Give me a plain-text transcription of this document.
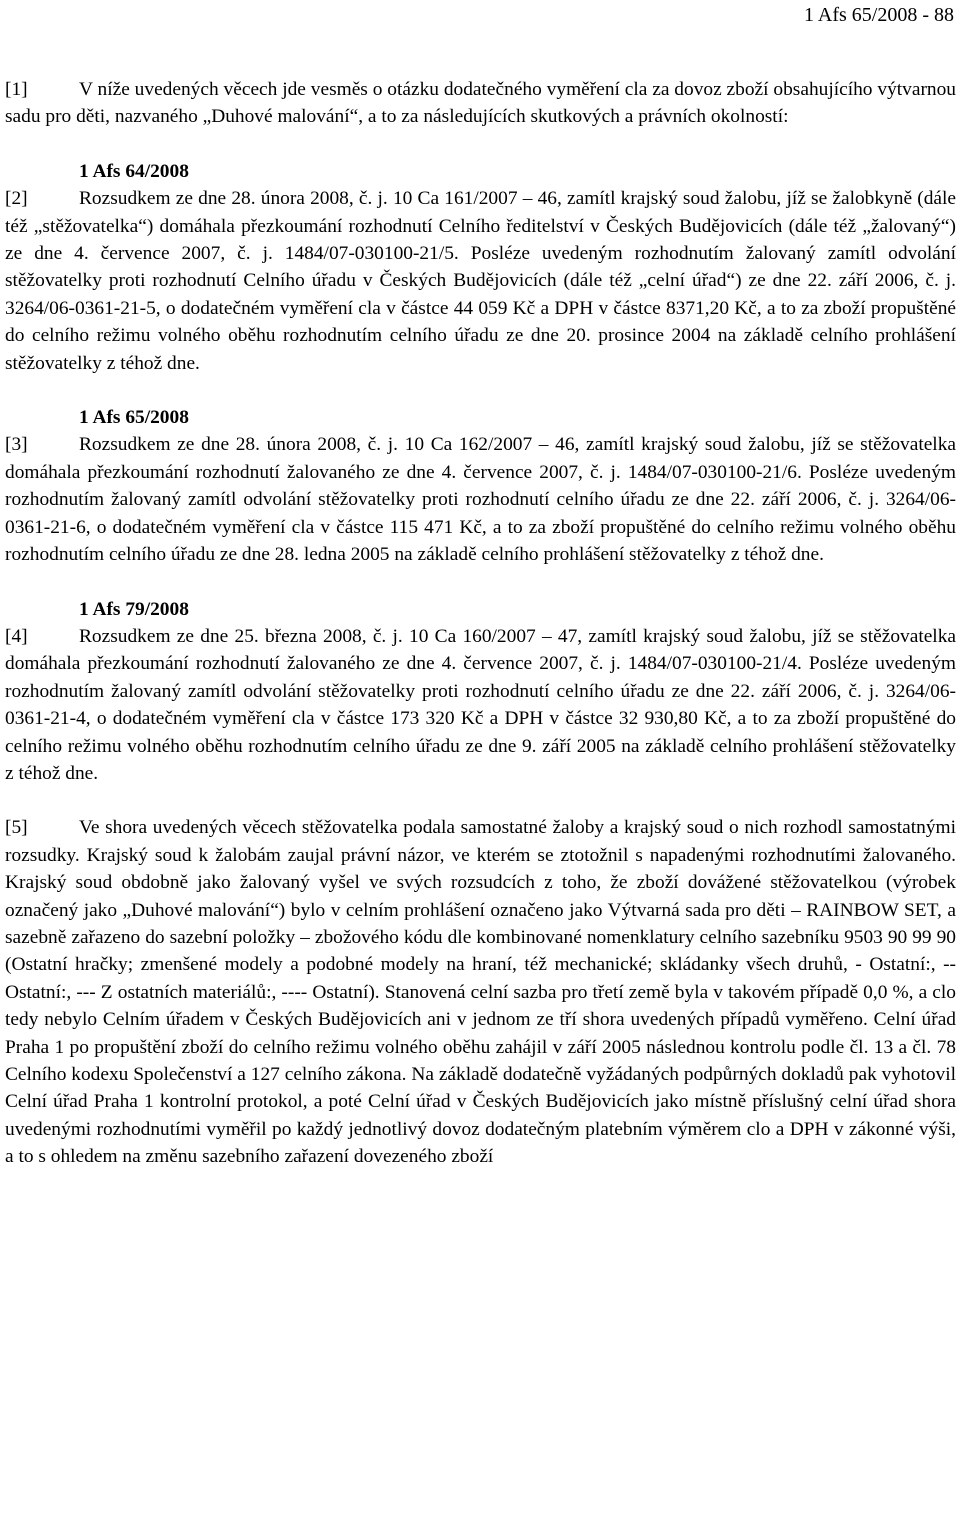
1 Afs 65/2008 - 88

[1]	V níže uvedených věcech jde vesměs o otázku dodatečného vyměření cla za dovoz zboží obsahujícího výtvarnou sadu pro děti, nazvaného „Duhové malování“, a to za následujících skutkových a právních okolností:

1 Afs 64/2008

[2]	Rozsudkem ze dne 28. února 2008, č. j. 10 Ca 161/2007 – 46, zamítl krajský soud žalobu, jíž se žalobkyně (dále též „stěžovatelka“) domáhala přezkoumání rozhodnutí Celního ředitelství v Českých Budějovicích (dále též „žalovaný“) ze dne 4. července 2007, č. j. 1484/07-030100-21/5. Posléze uvedeným rozhodnutím žalovaný zamítl odvolání stěžovatelky proti rozhodnutí Celního úřadu v Českých Budějovicích (dále též „celní úřad“) ze dne 22. září 2006, č. j. 3264/06-0361-21-5, o dodatečném vyměření cla v částce 44 059 Kč a DPH v částce 8371,20 Kč, a to za zboží propuštěné do celního režimu volného oběhu rozhodnutím celního úřadu ze dne 20. prosince 2004 na základě celního prohlášení stěžovatelky z téhož dne.

1 Afs 65/2008

[3]	Rozsudkem ze dne 28. února 2008, č. j. 10 Ca 162/2007 – 46, zamítl krajský soud žalobu, jíž se stěžovatelka domáhala přezkoumání rozhodnutí žalovaného ze dne 4. července 2007, č. j. 1484/07-030100-21/6. Posléze uvedeným rozhodnutím žalovaný zamítl odvolání stěžovatelky proti rozhodnutí celního úřadu ze dne 22. září 2006, č. j. 3264/06-0361-21-6, o dodatečném vyměření cla v částce 115 471 Kč, a to za zboží propuštěné do celního režimu volného oběhu rozhodnutím celního úřadu ze dne 28. ledna 2005 na základě celního prohlášení stěžovatelky z téhož dne.

1 Afs 79/2008

[4]	Rozsudkem ze dne 25. března 2008, č. j. 10 Ca 160/2007 – 47, zamítl krajský soud žalobu, jíž se stěžovatelka domáhala přezkoumání rozhodnutí žalovaného ze dne 4. července 2007, č. j. 1484/07-030100-21/4. Posléze uvedeným rozhodnutím žalovaný zamítl odvolání stěžovatelky proti rozhodnutí celního úřadu ze dne 22. září 2006, č. j. 3264/06-0361-21-4, o dodatečném vyměření cla v částce 173 320 Kč a DPH v částce 32 930,80 Kč, a to za zboží propuštěné do celního režimu volného oběhu rozhodnutím celního úřadu ze dne 9. září 2005 na základě celního prohlášení stěžovatelky z téhož dne.

[5]	Ve shora uvedených věcech stěžovatelka podala samostatné žaloby a krajský soud o nich rozhodl samostatnými rozsudky. Krajský soud k žalobám zaujal právní názor, ve kterém se ztotožnil s napadenými rozhodnutími žalovaného. Krajský soud obdobně jako žalovaný vyšel ve svých rozsudcích z toho, že zboží dovážené stěžovatelkou (výrobek označený jako „Duhové malování“) bylo v celním prohlášení označeno jako Výtvarná sada pro děti – RAINBOW SET, a sazebně zařazeno do sazební položky – zbožového kódu dle kombinované nomenklatury celního sazebníku 9503 90 99 90 (Ostatní hračky; zmenšené modely a podobné modely na hraní, též mechanické; skládanky všech druhů, - Ostatní:, -- Ostatní:, --- Z ostatních materiálů:, ---- Ostatní). Stanovená celní sazba pro třetí země byla v takovém případě 0,0 %, a clo tedy nebylo Celním úřadem v Českých Budějovicích ani v jednom ze tří shora uvedených případů vyměřeno. Celní úřad Praha 1 po propuštění zboží do celního režimu volného oběhu zahájil v září 2005 následnou kontrolu podle čl. 13 a čl. 78 Celního kodexu Společenství a 127 celního zákona. Na základě dodatečně vyžádaných podpůrných dokladů pak vyhotovil Celní úřad Praha 1 kontrolní protokol, a poté Celní úřad v Českých Budějovicích jako místně příslušný celní úřad shora uvedenými rozhodnutími vyměřil po každý jednotlivý dovoz dodatečným platebním výměrem clo a DPH v zákonné výši, a to s ohledem na změnu sazebního zařazení dovezeného zboží
